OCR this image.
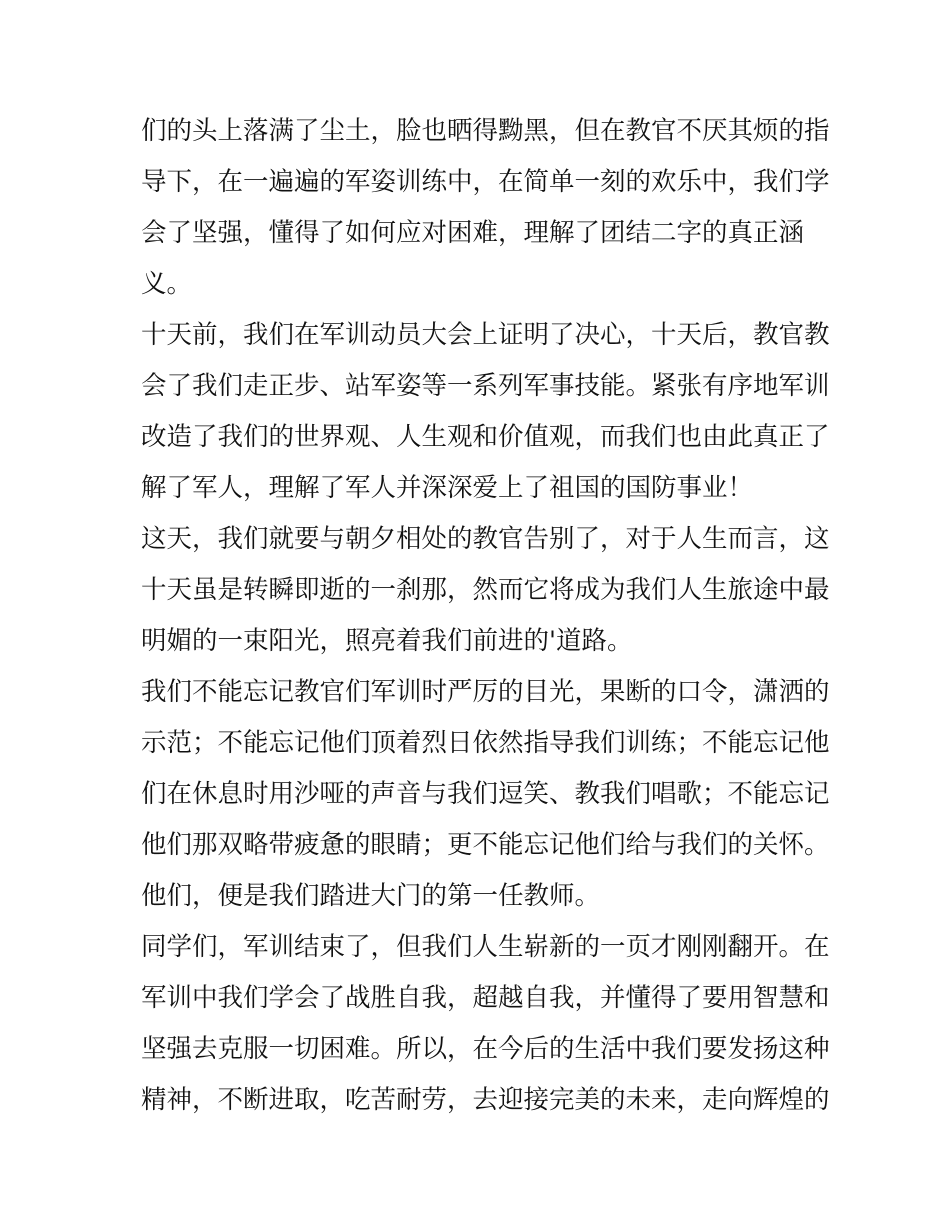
们的头上落满了尘土，脸也晒得黝黑，但在教官不厌其烦的指
导下，在一遍遍的军姿训练中，在简单一刻的欢乐中，我们学
会了坚强，懂得了如何应对困难，理解了团结二字的真正涵
义。
十天前，我们在军训动员大会上证明了决心，十天后，教官教
会了我们走正步、站军姿等一系列军事技能。紧张有序地军训
改造了我们的世界观、人生观和价值观，而我们也由此真正了
解了军人，理解了军人并深深爱上了祖国的国防事业！
这天，我们就要与朝夕相处的教官告别了，对于人生而言，这
十天虽是转瞬即逝的一刹那，然而它将成为我们人生旅途中最
明媚的一束阳光，照亮着我们前进的'道路。
我们不能忘记教官们军训时严厉的目光，果断的口令，潇洒的
示范；不能忘记他们顶着烈日依然指导我们训练；不能忘记他
们在休息时用沙哑的声音与我们逗笑、教我们唱歌；不能忘记
他们那双略带疲惫的眼睛；更不能忘记他们给与我们的关怀。
他们，便是我们踏进大门的第一任教师。
同学们，军训结束了，但我们人生崭新的一页才刚刚翻开。在
军训中我们学会了战胜自我，超越自我，并懂得了要用智慧和
坚强去克服一切困难。所以，在今后的生活中我们要发扬这种
精神，不断进取，吃苦耐劳，去迎接完美的未来，走向辉煌的
